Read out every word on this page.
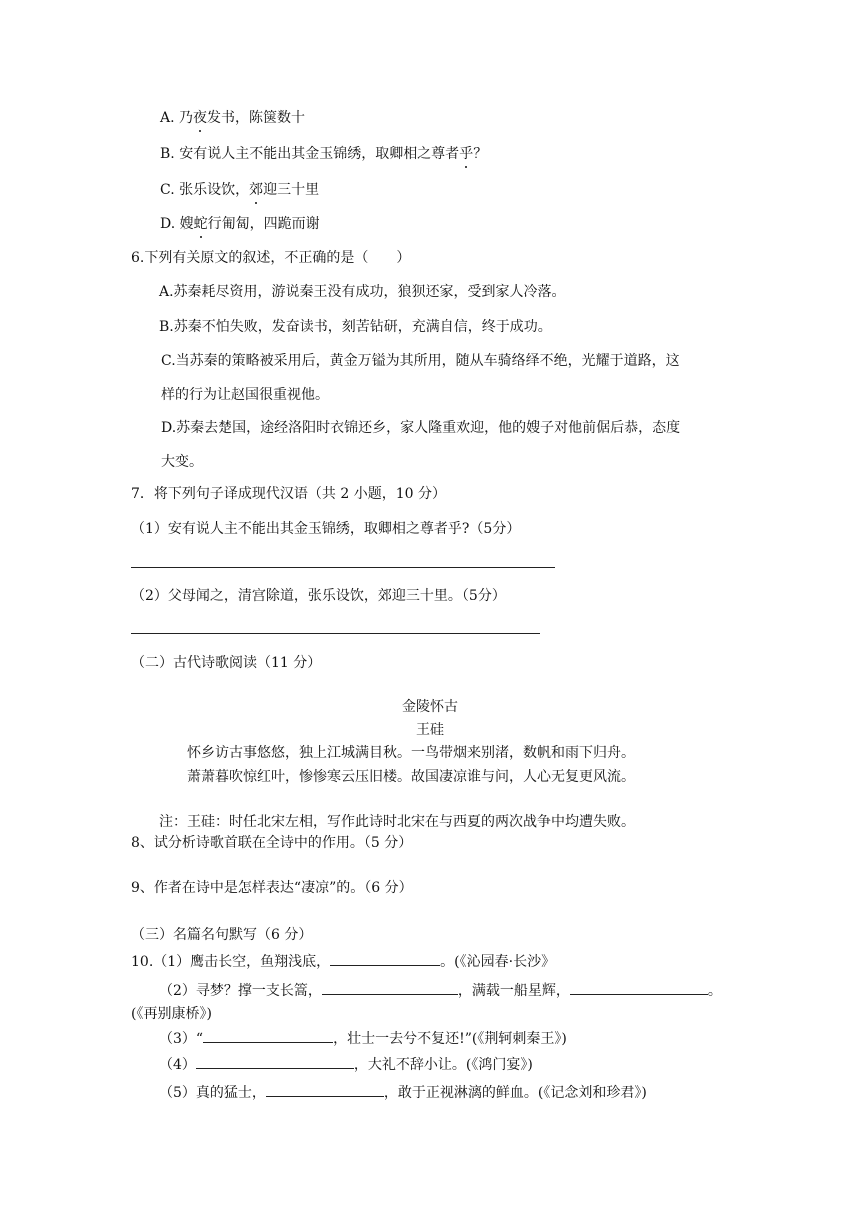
A. 乃夜发书，陈箧数十
B. 安有说人主不能出其金玉锦绣，取卿相之尊者乎？
C. 张乐设饮，郊迎三十里
D. 嫂蛇行匍匐，四跪而谢
6.下列有关原文的叙述，不正确的是（　　）
A.苏秦耗尽资用，游说秦王没有成功，狼狈还家，受到家人冷落。
B.苏秦不怕失败，发奋读书，刻苦钻研，充满自信，终于成功。
C.当苏秦的策略被采用后，黄金万镒为其所用，随从车骑络绎不绝，光耀于道路，这
样的行为让赵国很重视他。
D.苏秦去楚国，途经洛阳时衣锦还乡，家人隆重欢迎，他的嫂子对他前倨后恭，态度
大变。
7．将下列句子译成现代汉语（共 2 小题，10 分）
（1）安有说人主不能出其金玉锦绣，取卿相之尊者乎?（5分）
（2）父母闻之，清宫除道，张乐设饮，郊迎三十里。（5分）
（二）古代诗歌阅读（11 分）
金陵怀古
王硅
怀乡访古事悠悠，独上江城满目秋。一鸟带烟来别渚，数帆和雨下归舟。
萧萧暮吹惊红叶，惨惨寒云压旧楼。故国凄凉谁与问，人心无复更风流。
注：王硅：时任北宋左相，写作此诗时北宋在与西夏的两次战争中均遭失败。
8、试分析诗歌首联在全诗中的作用。（5 分）
9、作者在诗中是怎样表达“凄凉”的。（6 分）
（三）名篇名句默写（6 分）
10.（1）鹰击长空，鱼翔浅底，	。(《沁园春·长沙》
（2）寻梦？撑一支长篙，	，满载一船星辉，	。
(《再别康桥》)
（3）“	，壮士一去兮不复还!”(《荆轲刺秦王》)
（4）	，大礼不辞小让。(《鸿门宴》)
（5）真的猛士，	，敢于正视淋漓的鲜血。(《记念刘和珍君》)
